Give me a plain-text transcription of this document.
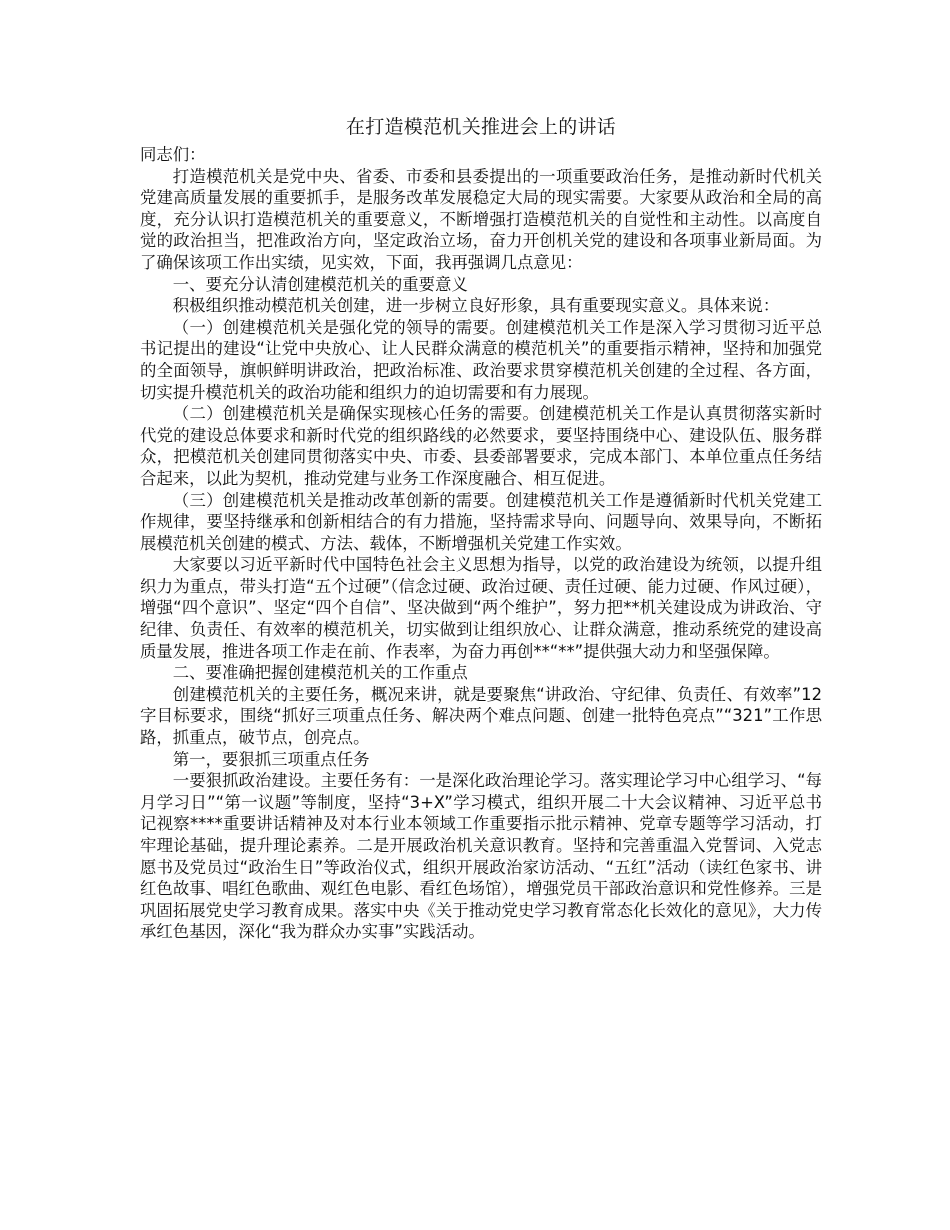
在打造模范机关推进会上的讲话

同志们：

打造模范机关是党中央、省委、市委和县委提出的一项重要政治任务，是推动新时代机关党建高质量发展的重要抓手，是服务改革发展稳定大局的现实需要。大家要从政治和全局的高度，充分认识打造模范机关的重要意义，不断增强打造模范机关的自觉性和主动性。以高度自觉的政治担当，把准政治方向，坚定政治立场，奋力开创机关党的建设和各项事业新局面。为了确保该项工作出实绩，见实效，下面，我再强调几点意见：

一、要充分认清创建模范机关的重要意义

积极组织推动模范机关创建，进一步树立良好形象，具有重要现实意义。具体来说：

（一）创建模范机关是强化党的领导的需要。创建模范机关工作是深入学习贯彻习近平总书记提出的建设“让党中央放心、让人民群众满意的模范机关”的重要指示精神，坚持和加强党的全面领导，旗帜鲜明讲政治，把政治标准、政治要求贯穿模范机关创建的全过程、各方面，切实提升模范机关的政治功能和组织力的迫切需要和有力展现。

（二）创建模范机关是确保实现核心任务的需要。创建模范机关工作是认真贯彻落实新时代党的建设总体要求和新时代党的组织路线的必然要求，要坚持围绕中心、建设队伍、服务群众，把模范机关创建同贯彻落实中央、市委、县委部署要求，完成本部门、本单位重点任务结合起来，以此为契机，推动党建与业务工作深度融合、相互促进。

（三）创建模范机关是推动改革创新的需要。创建模范机关工作是遵循新时代机关党建工作规律，要坚持继承和创新相结合的有力措施，坚持需求导向、问题导向、效果导向，不断拓展模范机关创建的模式、方法、载体，不断增强机关党建工作实效。

大家要以习近平新时代中国特色社会主义思想为指导，以党的政治建设为统领，以提升组织力为重点，带头打造“五个过硬”（信念过硬、政治过硬、责任过硬、能力过硬、作风过硬），增强“四个意识”、坚定“四个自信”、坚决做到“两个维护”，努力把**机关建设成为讲政治、守纪律、负责任、有效率的模范机关，切实做到让组织放心、让群众满意，推动系统党的建设高质量发展，推进各项工作走在前、作表率，为奋力再创**“**”提供强大动力和坚强保障。

二、要准确把握创建模范机关的工作重点

创建模范机关的主要任务，概况来讲，就是要聚焦“讲政治、守纪律、负责任、有效率”12字目标要求，围绕“抓好三项重点任务、解决两个难点问题、创建一批特色亮点”“321”工作思路，抓重点，破节点，创亮点。

第一，要狠抓三项重点任务

一要狠抓政治建设。主要任务有：一是深化政治理论学习。落实理论学习中心组学习、“每月学习日”“第一议题”等制度，坚持“3+X”学习模式，组织开展二十大会议精神、习近平总书记视察****重要讲话精神及对本行业本领域工作重要指示批示精神、党章专题等学习活动，打牢理论基础，提升理论素养。二是开展政治机关意识教育。坚持和完善重温入党誓词、入党志愿书及党员过“政治生日”等政治仪式，组织开展政治家访活动、“五红”活动（读红色家书、讲红色故事、唱红色歌曲、观红色电影、看红色场馆），增强党员干部政治意识和党性修养。三是巩固拓展党史学习教育成果。落实中央《关于推动党史学习教育常态化长效化的意见》，大力传承红色基因，深化“我为群众办实事”实践活动。
